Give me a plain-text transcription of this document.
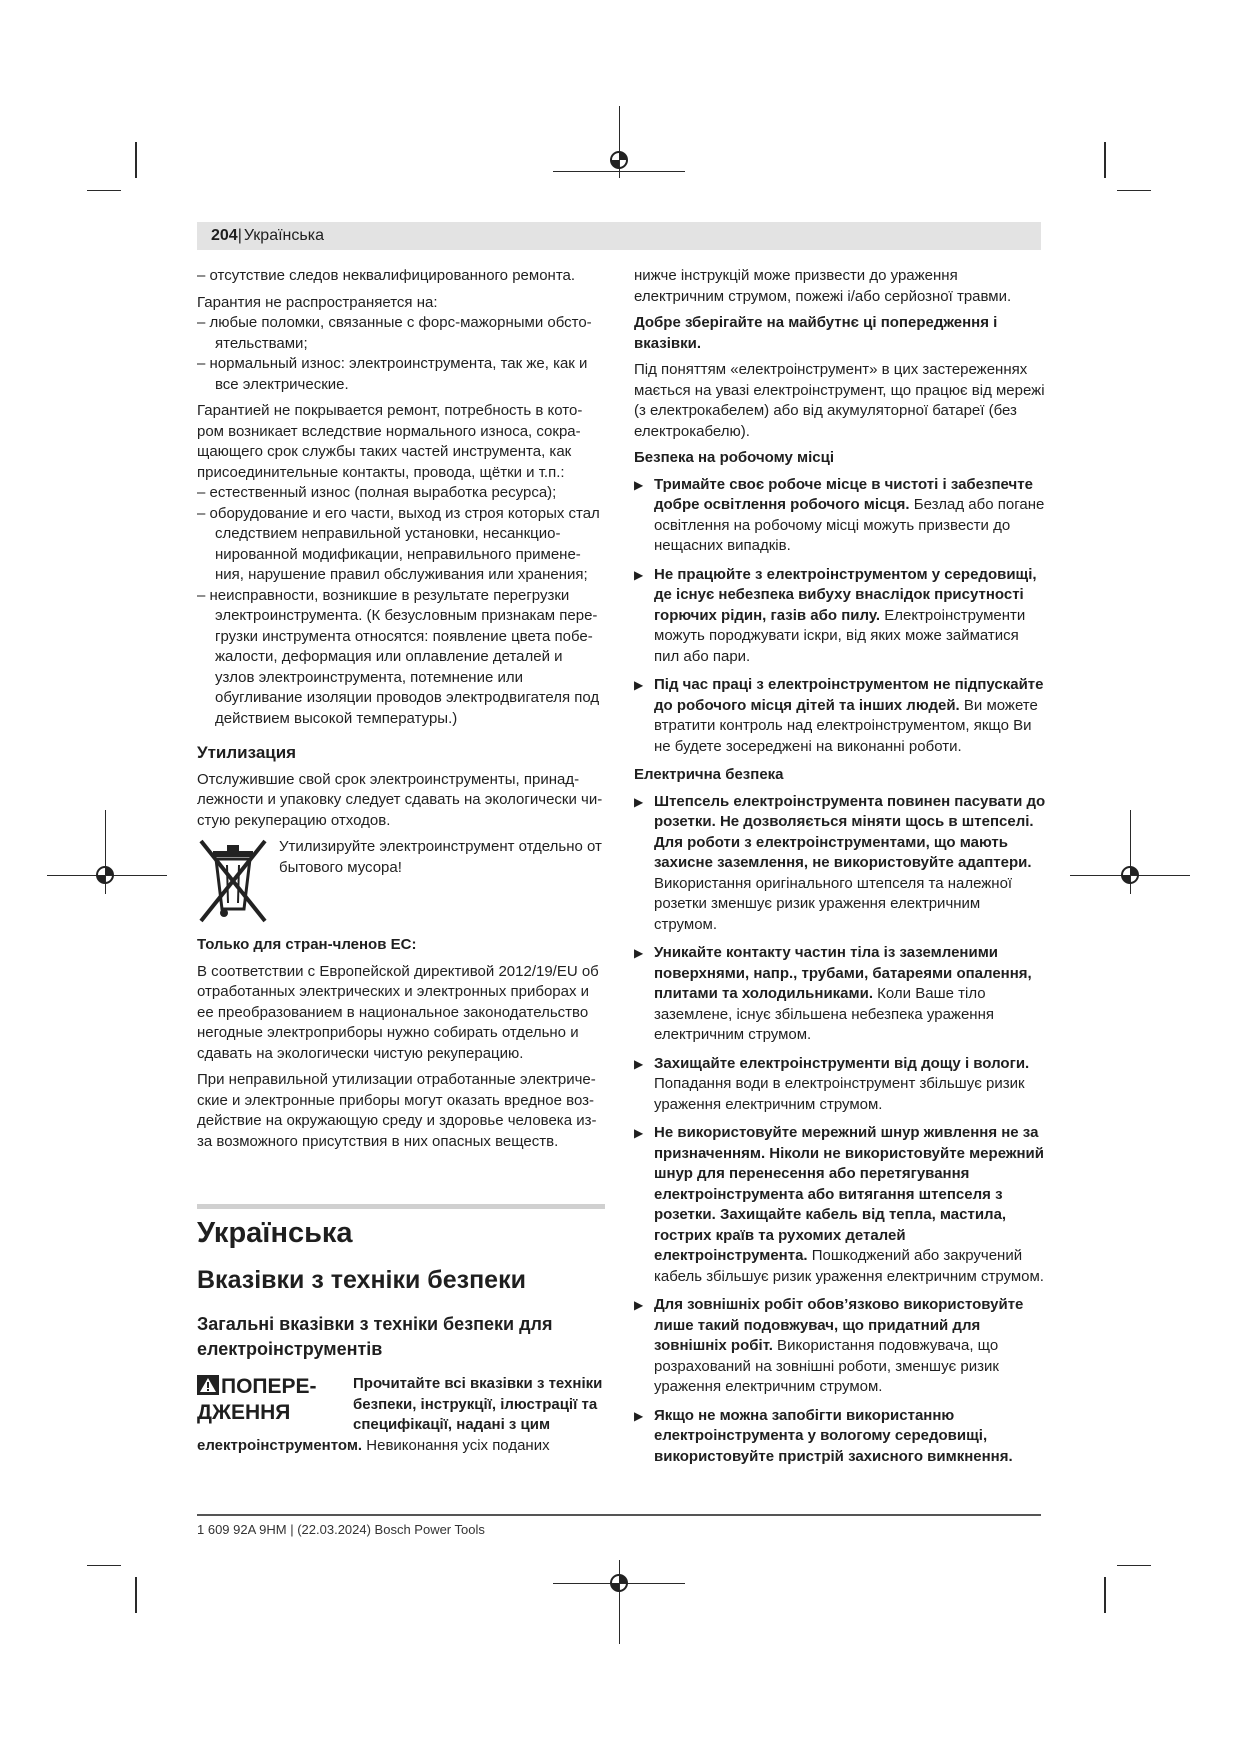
204| Українська

– отсутствие следов неквалифицированного ремонта.

Гарантия не распространяется на:

– любые поломки, связанные с форс-мажорными обсто-ятельствами;

– нормальный износ: электроинструмента, так же, как и все электрические.

Гарантией не покрывается ремонт, потребность в кото-ром возникает вследствие нормального износа, сокра-щающего срок службы таких частей инструмента, как присоединительные контакты, провода, щётки и т.п.:

– естественный износ (полная выработка ресурса);

– оборудование и его части, выход из строя которых стал следствием неправильной установки, несанкцио-нированной модификации, неправильного примене-ния, нарушение правил обслуживания или хранения;

– неисправности, возникшие в результате перегрузки электроинструмента. (К безусловным признакам пере-грузки инструмента относятся: появление цвета побе-жалости, деформация или оплавление деталей и узлов электроинструмента, потемнение или обугливание изоляции проводов электродвигателя под действием высокой температуры.)

Утилизация

Отслужившие свой срок электроинструменты, принад-лежности и упаковку следует сдавать на экологически чи-стую рекуперацию отходов.

Утилизируйте электроинструмент отдельно от бытового мусора!
Только для стран-членов ЕС:

В соответствии с Европейской директивой 2012/19/EU об отработанных электрических и электронных приборах и ее преобразованием в национальное законодательство негодные электроприборы нужно собирать отдельно и сдавать на экологически чистую рекуперацию.

При неправильной утилизации отработанные электриче-ские и электронные приборы могут оказать вредное воз-действие на окружающую среду и здоровье человека из-за возможного присутствия в них опасных веществ.

Українська
Вказівки з техніки безпеки
Загальні вказівки з техніки безпеки для електроінструментів
ПОПЕРЕ-ДЖЕННЯ
Прочитайте всі вказівки з техніки безпеки, інструкції, ілюстрації та специфікації, надані з цим

електроінструментом. Невиконання усіх поданих

нижче інструкцій може призвести до ураження електричним струмом, пожежі і/або серйозної травми.

Добре зберігайте на майбутнє ці попередження і вказівки.

Під поняттям «електроінструмент» в цих застереженнях мається на увазі електроінструмент, що працює від мережі (з електрокабелем) або від акумуляторної батареї (без електрокабелю).

Безпека на робочому місці
▶ Тримайте своє робоче місце в чистоті і забезпечте добре освітлення робочого місця. Безлад або погане освітлення на робочому місці можуть призвести до нещасних випадків.
▶ Не працюйте з електроінструментом у середовищі, де існує небезпека вибуху внаслідок присутності горючих рідин, газів або пилу. Електроінструменти можуть породжувати іскри, від яких може займатися пил або пари.
▶ Під час праці з електроінструментом не підпускайте до робочого місця дітей та інших людей. Ви можете втратити контроль над електроінструментом, якщо Ви не будете зосереджені на виконанні роботи.
Електрична безпека
▶ Штепсель електроінструмента повинен пасувати до розетки. Не дозволяється міняти щось в штепселі. Для роботи з електроінструментами, що мають захисне заземлення, не використовуйте адаптери. Використання оригінального штепселя та належної розетки зменшує ризик ураження електричним струмом.
▶ Уникайте контакту частин тіла із заземленими поверхнями, напр., трубами, батареями опалення, плитами та холодильниками. Коли Ваше тіло заземлене, існує збільшена небезпека ураження електричним струмом.
▶ Захищайте електроінструменти від дощу і вологи. Попадання води в електроінструмент збільшує ризик ураження електричним струмом.
▶ Не використовуйте мережний шнур живлення не за призначенням. Ніколи не використовуйте мережний шнур для перенесення або перетягування електроінструмента або витягання штепселя з розетки. Захищайте кабель від тепла, мастила, гострих країв та рухомих деталей електроінструмента. Пошкоджений або закручений кабель збільшує ризик ураження електричним струмом.
▶ Для зовнішніх робіт обов’язково використовуйте лише такий подовжувач, що придатний для зовнішніх робіт. Використання подовжувача, що розрахований на зовнішні роботи, зменшує ризик ураження електричним струмом.
▶ Якщо не можна запобігти використанню електроінструмента у вологому середовищі, використовуйте пристрій захисного вимкнення.
1 609 92A 9HM | (22.03.2024) Bosch Power Tools
